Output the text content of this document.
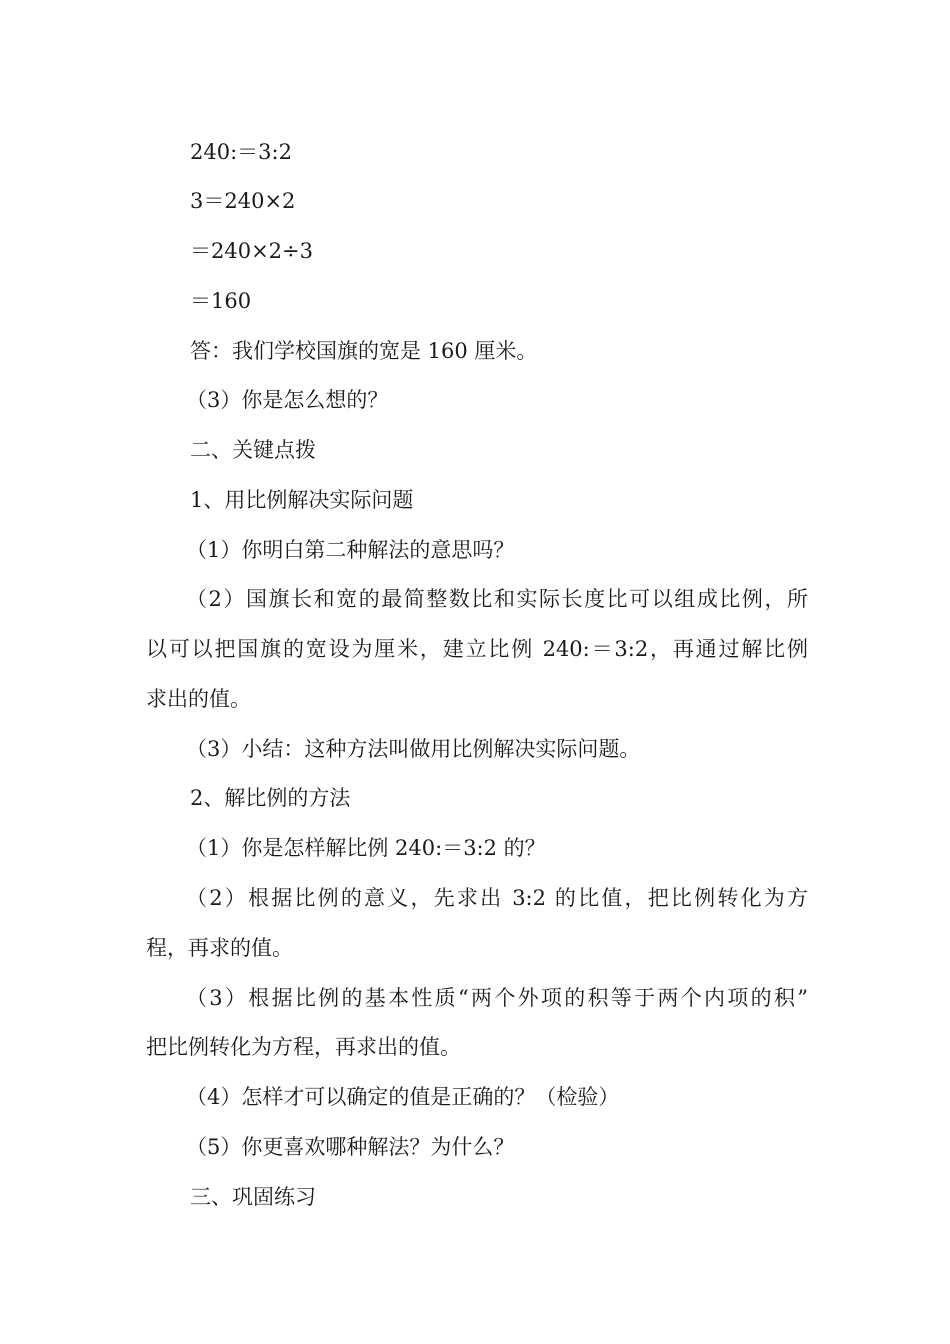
240:＝3:2
3＝240×2
＝240×2÷3
＝160
答：我们学校国旗的宽是 160 厘米。
（3）你是怎么想的？
二、关键点拨
1、用比例解决实际问题
（1）你明白第二种解法的意思吗？
（2）国旗长和宽的最简整数比和实际长度比可以组成比例，所
以可以把国旗的宽设为厘米，建立比例 240:＝3:2，再通过解比例
求出的值。
（3）小结：这种方法叫做用比例解决实际问题。
2、解比例的方法
（1）你是怎样解比例 240:＝3:2 的？
（2）根据比例的意义，先求出 3:2 的比值，把比例转化为方
程，再求的值。
（3）根据比例的基本性质“两个外项的积等于两个内项的积”
把比例转化为方程，再求出的值。
（4）怎样才可以确定的值是正确的？（检验）
（5）你更喜欢哪种解法？为什么？
三、巩固练习
